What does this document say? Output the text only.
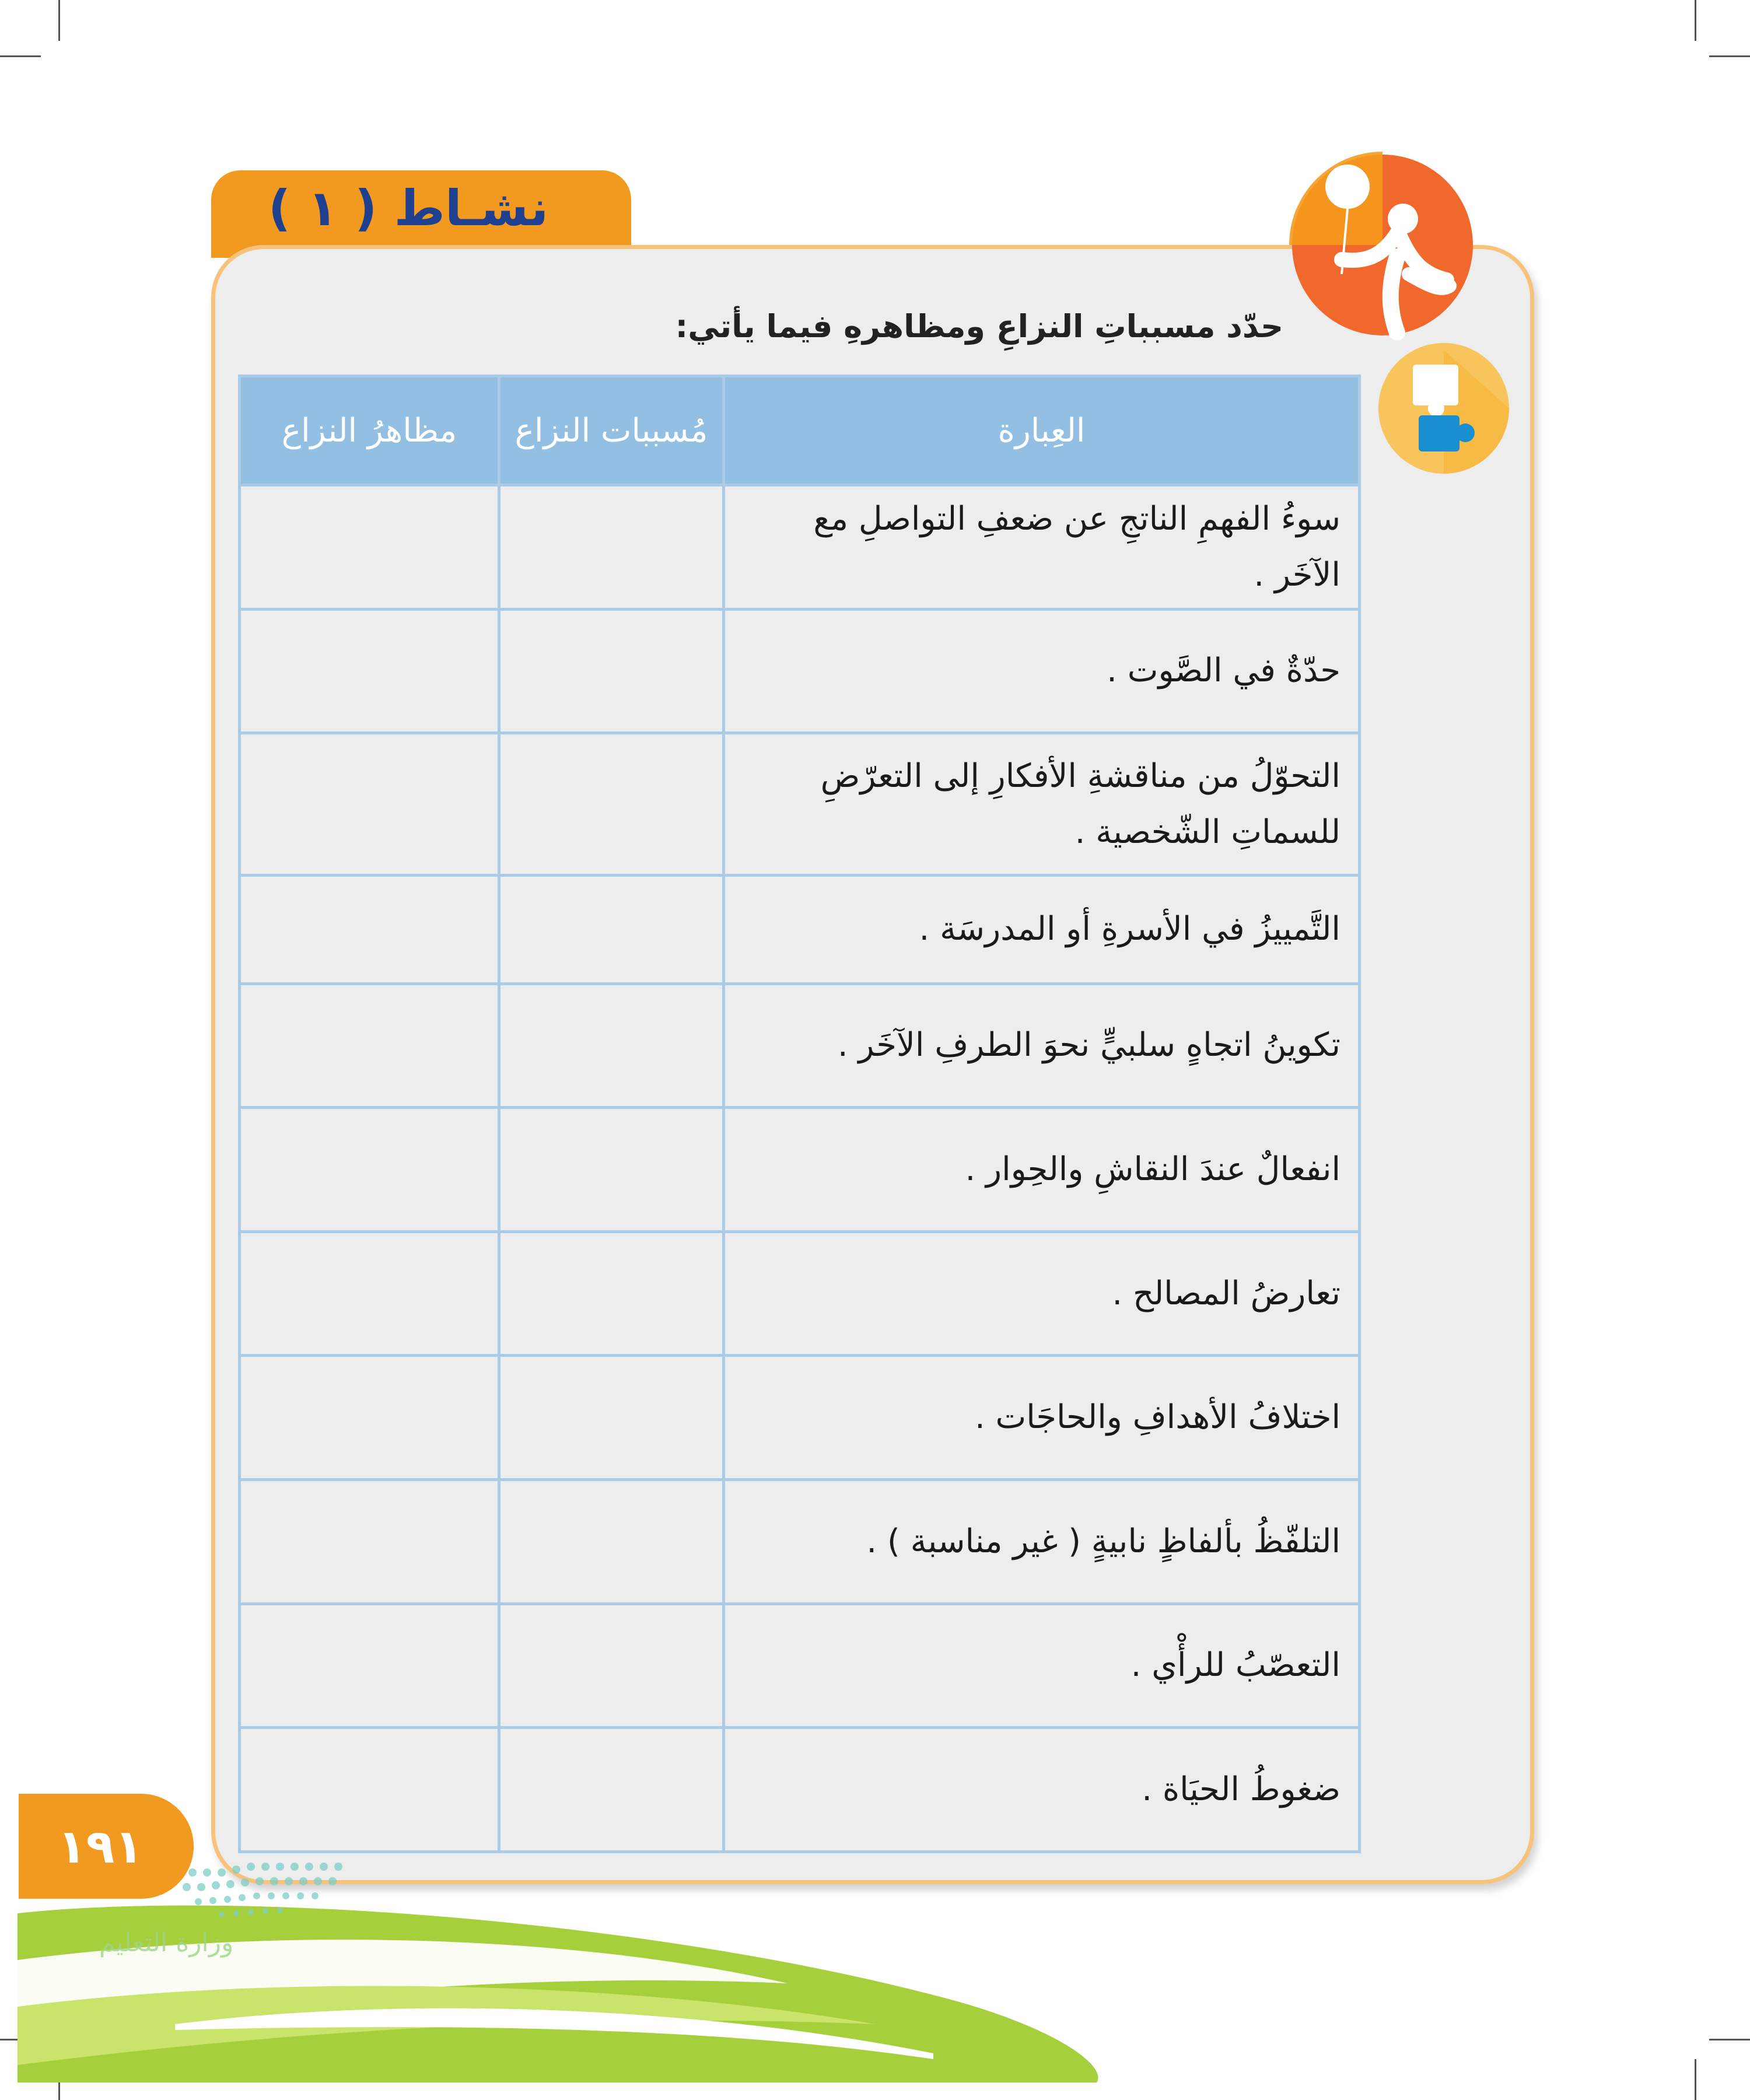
نشـاط ( ١ )
حدّد مسبباتِ النزاعِ ومظاهرهِ فيما يأتي:
العِبارة	مُسببات النزاع	مظاهرُ النزاع
سوءُ الفهمِ الناتجِ عن ضعفِ التواصلِ مع الآخَر .		
حدّةٌ في الصَّوت .		
التحوّلُ من مناقشةِ الأفكارِ إلى التعرّضِ للسماتِ الشّخصية .		
التَّمييزُ في الأسرةِ أو المدرسَة .		
تكوينُ اتجاهٍ سلبيٍّ نحوَ الطرفِ الآخَر .		
انفعالٌ عندَ النقاشِ والحِوار .		
تعارضُ المصالح .		
اختلافُ الأهدافِ والحاجَات .		
التلفّظُ بألفاظٍ نابيةٍ ( غير مناسبة ) .		
التعصّبُ للرأْي .		
ضغوطُ الحيَاة .		
١٩١
وزارة التعليم
